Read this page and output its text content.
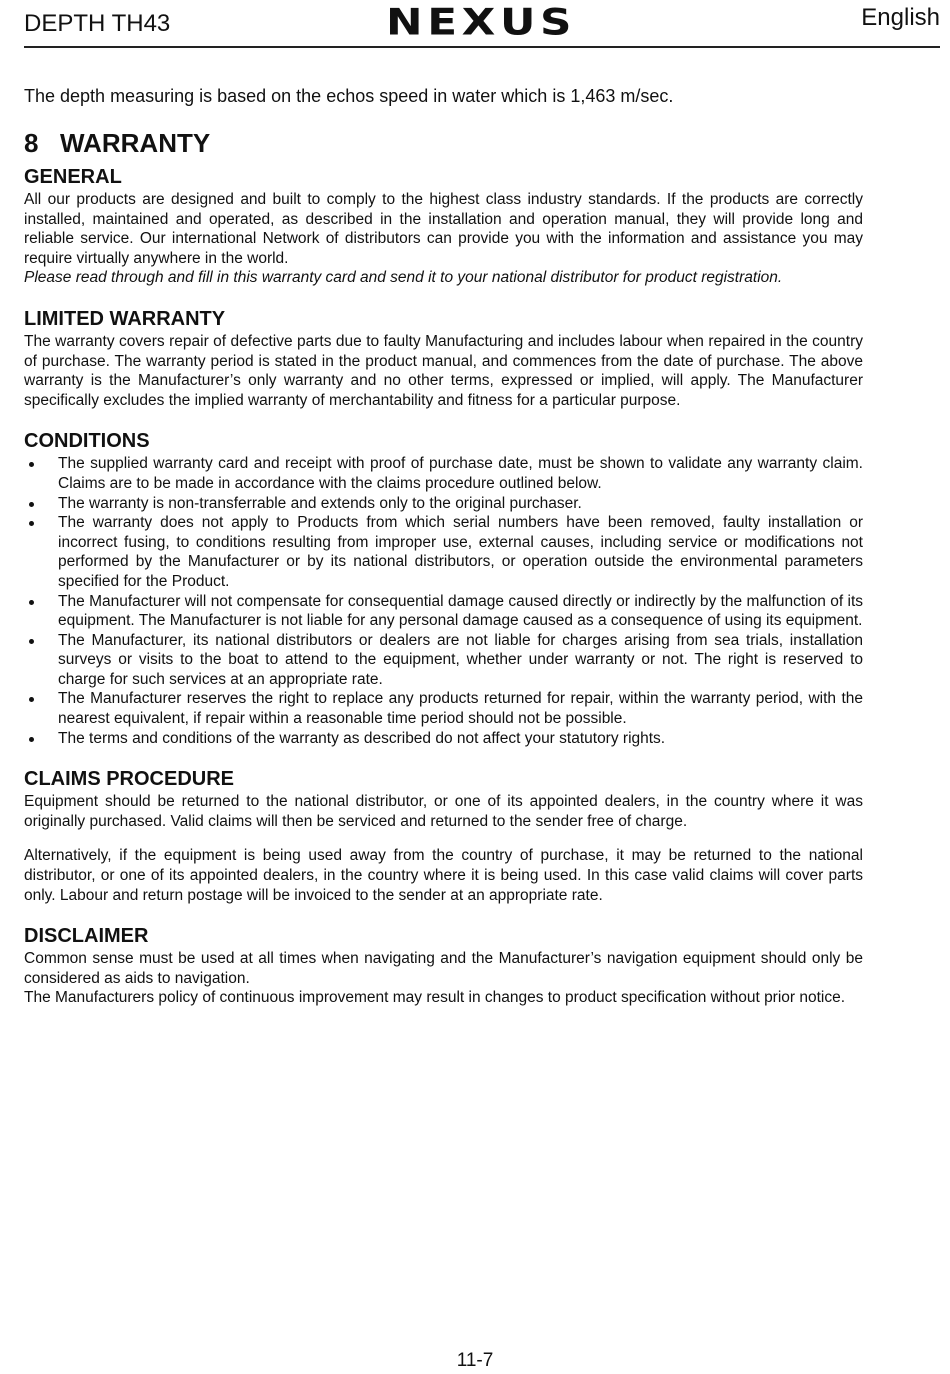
DEPTH TH43	NEXUS	English

The depth measuring is based on the echos speed in water which is 1,463 m/sec.

8 WARRANTY
GENERAL

All our products are designed and built to comply to the highest class industry standards. If the products are correctly installed, maintained and operated, as described in the installation and operation manual, they will provide long and reliable service. Our international Network of distributors can provide you with the information and assistance you may require virtually anywhere in the world.

Please read through and fill in this warranty card and send it to your national distributor for product registration.

LIMITED WARRANTY

The warranty covers repair of defective parts due to faulty Manufacturing and includes labour when repaired in the country of purchase. The warranty period is stated in the product manual, and commences from the date of purchase. The above warranty is the Manufacturer’s only warranty and no other terms, expressed or implied, will apply. The Manufacturer specifically excludes the implied warranty of merchantability and fitness for a particular purpose.

CONDITIONS
The supplied warranty card and receipt with proof of purchase date, must be shown to validate any warranty claim. Claims are to be made in accordance with the claims procedure outlined below.
The warranty is non-transferrable and extends only to the original purchaser.
The warranty does not apply to Products from which serial numbers have been removed, faulty installation or incorrect fusing, to conditions resulting from improper use, external causes, including service or modifications not performed by the Manufacturer or by its national distributors, or operation outside the environmental parameters specified for the Product.
The Manufacturer will not compensate for consequential damage caused directly or indirectly by the malfunction of its equipment. The Manufacturer is not liable for any personal damage caused as a consequence of using its equipment.
The Manufacturer, its national distributors or dealers are not liable for charges arising from sea trials, installation surveys or visits to the boat to attend to the equipment, whether under warranty or not. The right is reserved to charge for such services at an appropriate rate.
The Manufacturer reserves the right to replace any products returned for repair, within the warranty period, with the nearest equivalent, if repair within a reasonable time period should not be possible.
The terms and conditions of the warranty as described do not affect your statutory rights.
CLAIMS PROCEDURE

Equipment should be returned to the national distributor, or one of its appointed dealers, in the country where it was originally purchased. Valid claims will then be serviced and returned to the sender free of charge.

Alternatively, if the equipment is being used away from the country of purchase, it may be returned to the national distributor, or one of its appointed dealers, in the country where it is being used. In this case valid claims will cover parts only. Labour and return postage will be invoiced to the sender at an appropriate rate.

DISCLAIMER

Common sense must be used at all times when navigating and the Manufacturer’s navigation equipment should only be considered as aids to navigation.

The Manufacturers policy of continuous improvement may result in changes to product specification without prior notice.

11-7
